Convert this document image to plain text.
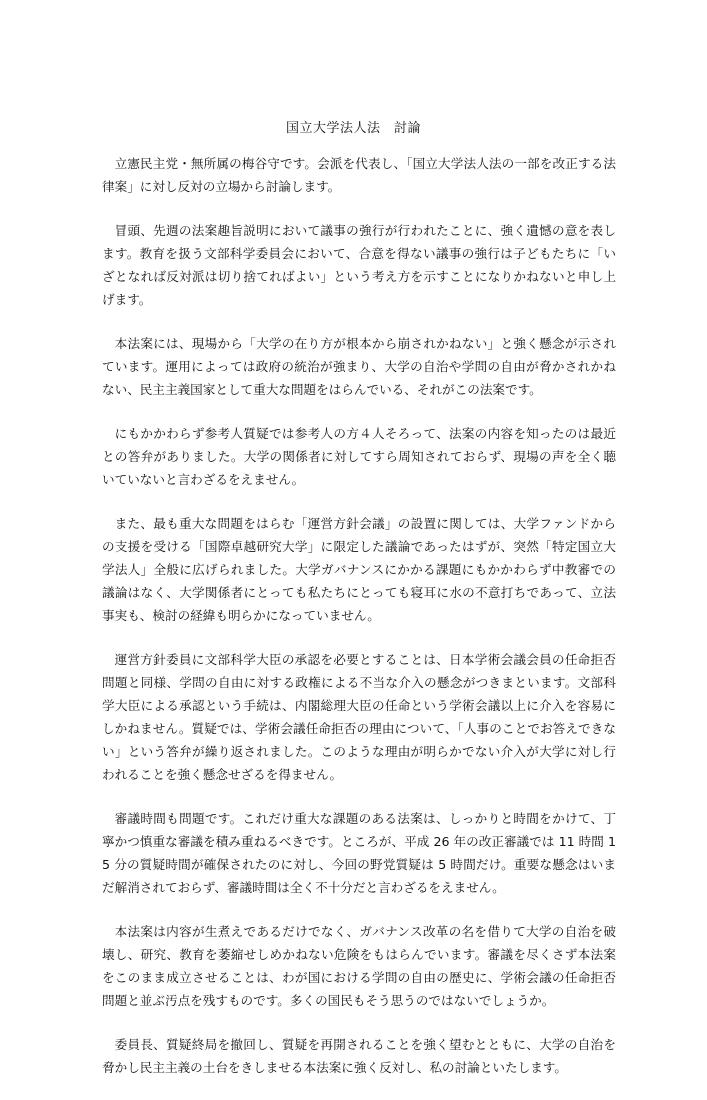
国立大学法人法　討論

立憲民主党・無所属の梅谷守です。会派を代表し、「国立大学法人法の一部を改正する法律案」に対し反対の立場から討論します。

冒頭、先週の法案趣旨説明において議事の強行が行われたことに、強く遺憾の意を表します。教育を扱う文部科学委員会において、合意を得ない議事の強行は子どもたちに「いざとなれば反対派は切り捨てればよい」という考え方を示すことになりかねないと申し上げます。

本法案には、現場から「大学の在り方が根本から崩されかねない」と強く懸念が示されています。運用によっては政府の統治が強まり、大学の自治や学問の自由が脅かされかねない、民主主義国家として重大な問題をはらんでいる、それがこの法案です。

にもかかわらず参考人質疑では参考人の方４人そろって、法案の内容を知ったのは最近との答弁がありました。大学の関係者に対してすら周知されておらず、現場の声を全く聴いていないと言わざるをえません。

また、最も重大な問題をはらむ「運営方針会議」の設置に関しては、大学ファンドからの支援を受ける「国際卓越研究大学」に限定した議論であったはずが、突然「特定国立大学法人」全般に広げられました。大学ガバナンスにかかる課題にもかかわらず中教審での議論はなく、大学関係者にとっても私たちにとっても寝耳に水の不意打ちであって、立法事実も、検討の経緯も明らかになっていません。

運営方針委員に文部科学大臣の承認を必要とすることは、日本学術会議会員の任命拒否問題と同様、学問の自由に対する政権による不当な介入の懸念がつきまといます。文部科学大臣による承認という手続は、内閣総理大臣の任命という学術会議以上に介入を容易にしかねません。質疑では、学術会議任命拒否の理由について、「人事のことでお答えできない」という答弁が繰り返されました。このような理由が明らかでない介入が大学に対し行われることを強く懸念せざるを得ません。

審議時間も問題です。これだけ重大な課題のある法案は、しっかりと時間をかけて、丁寧かつ慎重な審議を積み重ねるべきです。ところが、平成 26 年の改正審議では 11 時間 15 分の質疑時間が確保されたのに対し、今回の野党質疑は 5 時間だけ。重要な懸念はいまだ解消されておらず、審議時間は全く不十分だと言わざるをえません。

本法案は内容が生煮えであるだけでなく、ガバナンス改革の名を借りて大学の自治を破壊し、研究、教育を萎縮せしめかねない危険をもはらんでいます。審議を尽くさず本法案をこのまま成立させることは、わが国における学問の自由の歴史に、学術会議の任命拒否問題と並ぶ汚点を残すものです。多くの国民もそう思うのではないでしょうか。

委員長、質疑終局を撤回し、質疑を再開されることを強く望むとともに、大学の自治を脅かし民主主義の土台をきしませる本法案に強く反対し、私の討論といたします。
